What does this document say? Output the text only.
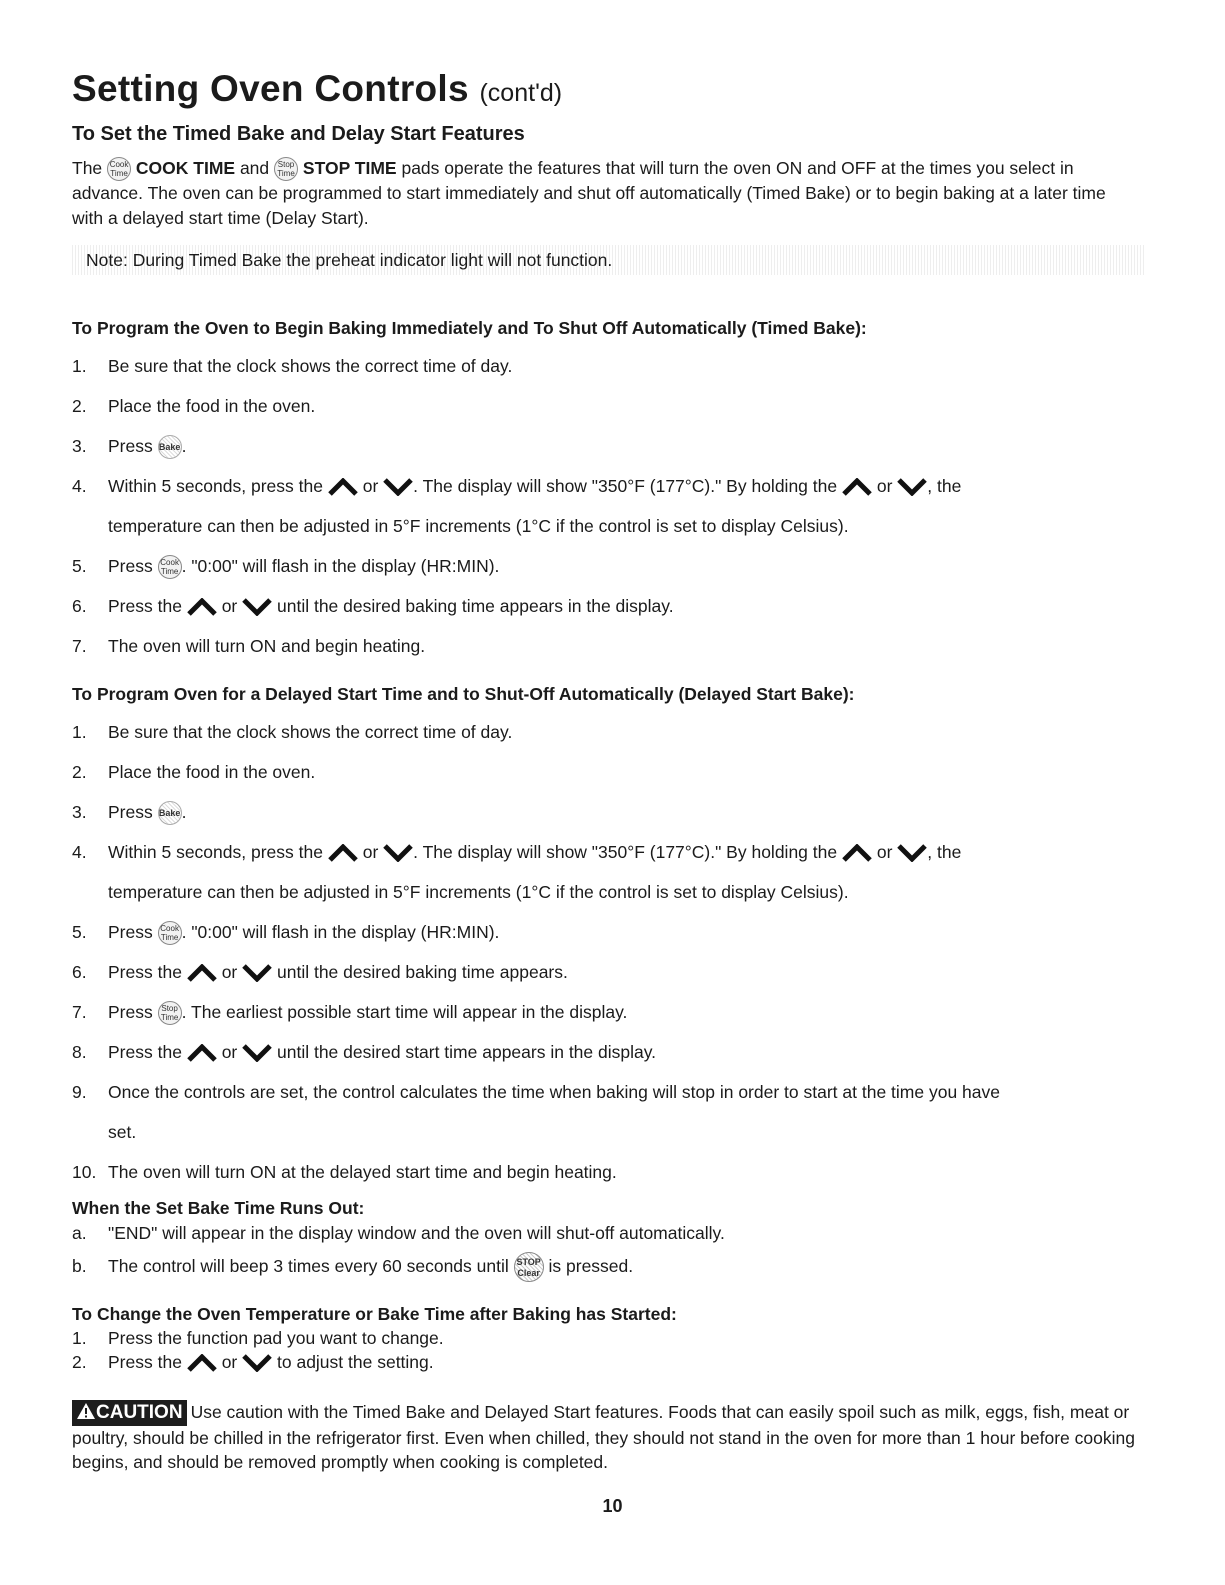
Setting Oven Controls (cont'd)
To Set the Timed Bake and Delay Start Features

The Cook Time COOK TIME and Stop Time STOP TIME pads operate the features that will turn the oven ON and OFF at the times you select in advance. The oven can be programmed to start immediately and shut off automatically (Timed Bake) or to begin baking at a later time with a delayed start time (Delay Start).

Note: During Timed Bake the preheat indicator light will not function.
To Program the Oven to Begin Baking Immediately and To Shut Off Automatically (Timed Bake):
1. Be sure that the clock shows the correct time of day.
2. Place the food in the oven.
3. Press Bake.
4. Within 5 seconds, press the or . The display will show "350°F (177°C)." By holding the or , the
temperature can then be adjusted in 5°F increments (1°C if the control is set to display Celsius).
5. Press Cook Time . "0:00" will flash in the display (HR:MIN).
6. Press the or until the desired baking time appears in the display.
7. The oven will turn ON and begin heating.
To Program Oven for a Delayed Start Time and to Shut-Off Automatically (Delayed Start Bake):
1. Be sure that the clock shows the correct time of day.
2. Place the food in the oven.
3. Press Bake.
4. Within 5 seconds, press the or . The display will show "350°F (177°C)." By holding the or , the
temperature can then be adjusted in 5°F increments (1°C if the control is set to display Celsius).
5. Press Cook Time . "0:00" will flash in the display (HR:MIN).
6. Press the or until the desired baking time appears.
7. Press Stop Time . The earliest possible start time will appear in the display.
8. Press the or until the desired start time appears in the display.
9. Once the controls are set, the control calculates the time when baking will stop in order to start at the time you have
set.
10. The oven will turn ON at the delayed start time and begin heating.
When the Set Bake Time Runs Out:
a. "END" will appear in the display window and the oven will shut-off automatically.
b. The control will beep 3 times every 60 seconds until STOP Clear is pressed.
To Change the Oven Temperature or Bake Time after Baking has Started:
1. Press the function pad you want to change.
2. Press the or to adjust the setting.

CAUTION Use caution with the Timed Bake and Delayed Start features. Foods that can easily spoil such as milk, eggs, fish, meat or poultry, should be chilled in the refrigerator first. Even when chilled, they should not stand in the oven for more than 1 hour before cooking begins, and should be removed promptly when cooking is completed.

10
